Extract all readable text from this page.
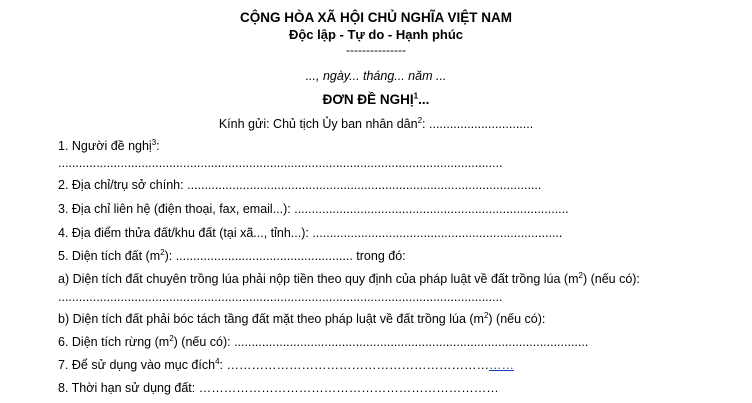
CỘNG HÒA XÃ HỘI CHỦ NGHĨA VIỆT NAM
Độc lập - Tự do - Hạnh phúc
---------------
..., ngày... tháng... năm ...
ĐƠN ĐỀ NGHỊ$^1$...
Kính gửi: Chủ tịch Ủy ban nhân dân$^2$: ..............................
1. Người đề nghị$^3$:
................................................................................................................................
2. Địa chỉ/trụ sở chính: ......................................................................................................
3. Địa chỉ liên hệ (điện thoại, fax, email...): ...............................................................................
4. Địa điểm thửa đất/khu đất (tại xã..., tỉnh...): ........................................................................
5. Diện tích đất $(m^2)$: ................................................... trong đó:
a) Diện tích đất chuyên trồng lúa phải nộp tiền theo quy định của pháp luật về đất trồng lúa $(m^2)$ (nếu có):
................................................................................................................................
b) Diện tích đất phải bóc tách tầng đất mặt theo pháp luật về đất trồng lúa $(m^2)$ (nếu có):
6. Diện tích rừng $(m^2)$ (nếu có): ......................................................................................................
7. Để sử dụng vào mục đích$^4$: ……………………………………………………………
8. Thời hạn sử dụng đất: ………………………………………………………………
